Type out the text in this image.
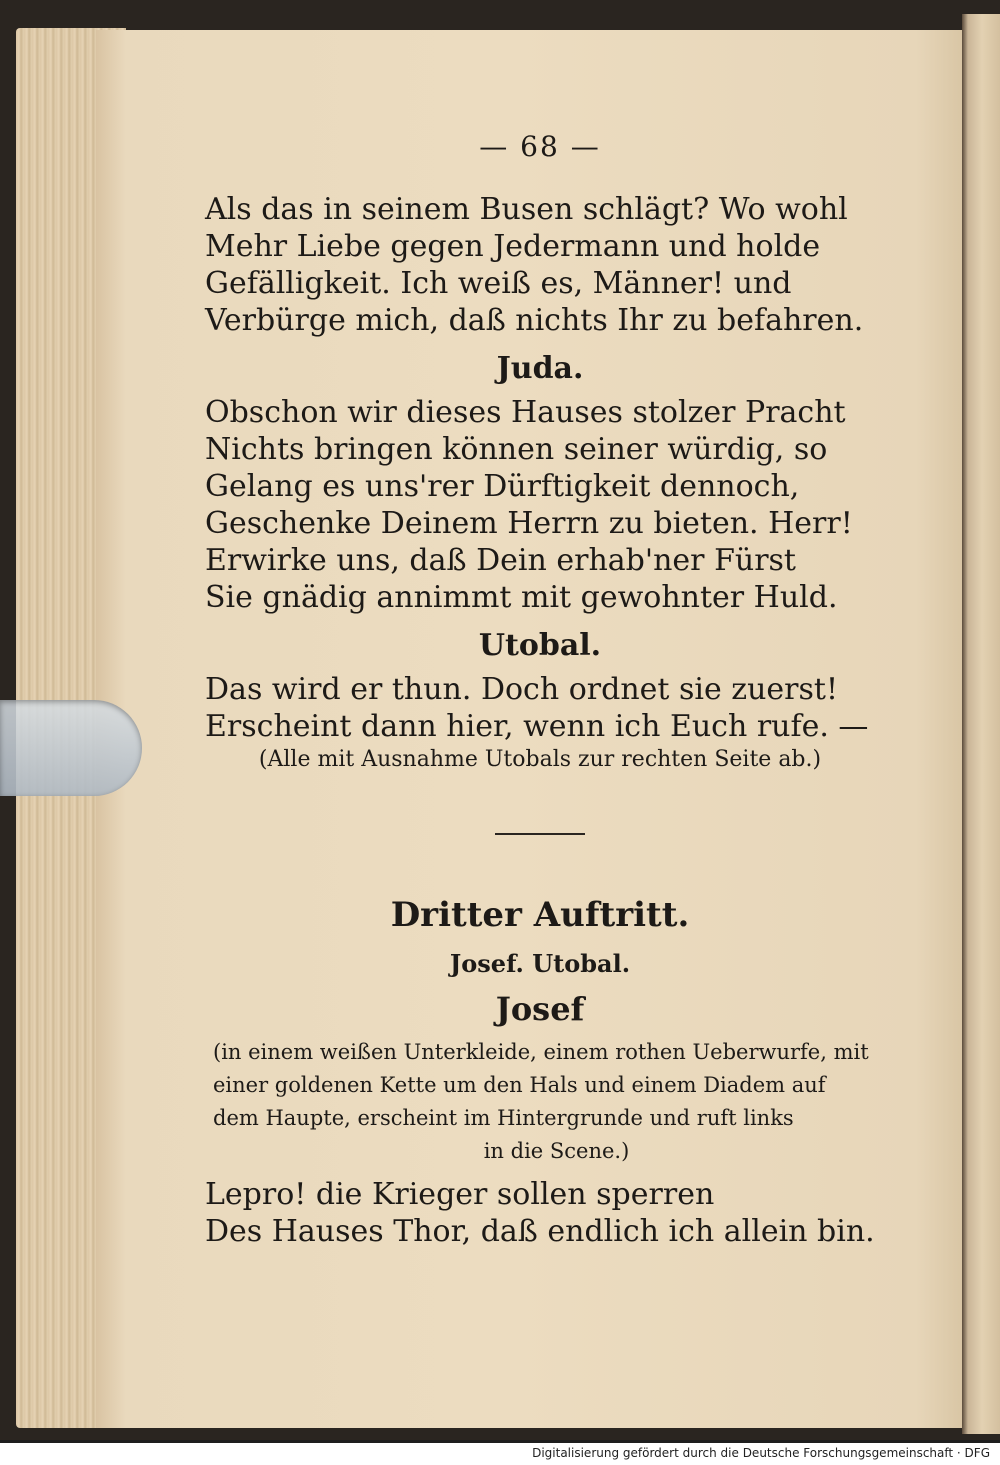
— 68 —
Als das in seinem Busen schlägt? Wo wohl
Mehr Liebe gegen Jedermann und holde
Gefälligkeit. Ich weiß es, Männer! und
Verbürge mich, daß nichts Ihr zu befahren.
Juda.
Obschon wir dieses Hauses stolzer Pracht
Nichts bringen können seiner würdig, so
Gelang es uns'rer Dürftigkeit dennoch,
Geschenke Deinem Herrn zu bieten. Herr!
Erwirke uns, daß Dein erhab'ner Fürst
Sie gnädig annimmt mit gewohnter Huld.
Utobal.
Das wird er thun. Doch ordnet sie zuerst!
Erscheint dann hier, wenn ich Euch rufe. —
(Alle mit Ausnahme Utobals zur rechten Seite ab.)
Dritter Auftritt.
Josef. Utobal.
Josef
(in einem weißen Unterkleide, einem rothen Ueberwurfe, mit
einer goldenen Kette um den Hals und einem Diadem auf
dem Haupte, erscheint im Hintergrunde und ruft links
in die Scene.)
Lepro! die Krieger sollen sperren
Des Hauses Thor, daß endlich ich allein bin.
Digitalisierung gefördert durch die Deutsche Forschungsgemeinschaft · DFG
